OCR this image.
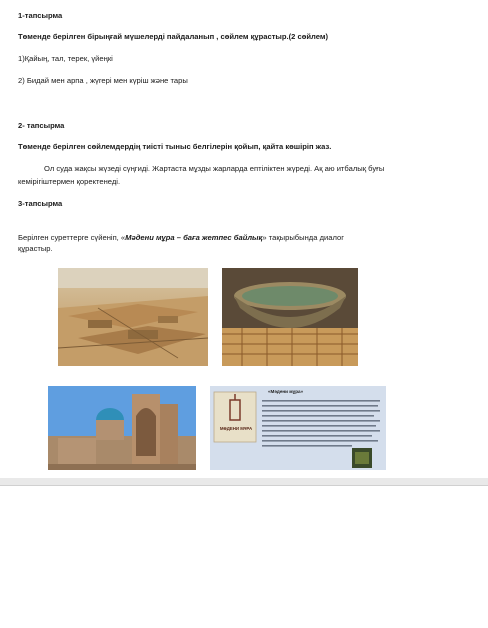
1-тапсырма
Төменде берілген бірыңғай мүшелерді пайдаланып , сөйлем құрастыр.(2 сөйлем)
1)Қайың, тал, терек, үйеңкі
2) Бидай мен арпа , жүгері мен күріш және тары
2- тапсырма
Төменде берілген сөйлемдердің тиісті тыныс белгілерін қойып, қайта көшіріп жаз.
Ол суда жақсы жүзеді сүңгиді. Жартаста мұзды жарларда ептіліктен жүреді. Ақ аю итбалық буғы
кемірігіштермен қоректенеді.
3-тапсырма
Берілген суреттерге сүйеніп, «Мәдени мұра – баға жетпес байлық» тақырыбында диалог
құрастыр.
«Мәдени мұра»
МӘДЕНИ МҰРА
